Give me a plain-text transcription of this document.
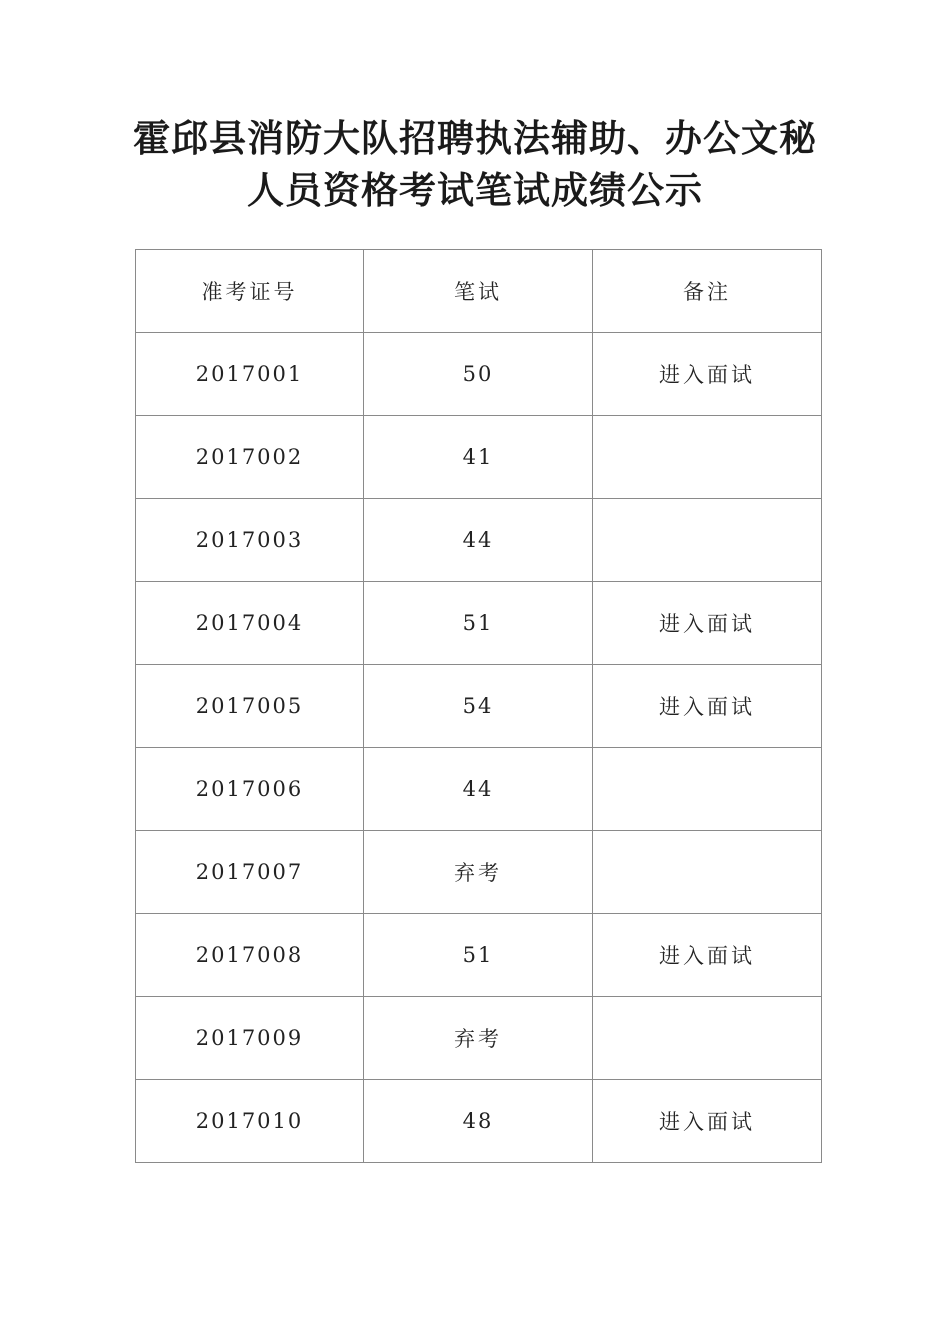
霍邱县消防大队招聘执法辅助、办公文秘
人员资格考试笔试成绩公示
准考证号	笔试	备注
2017001	50	进入面试
2017002	41	
2017003	44	
2017004	51	进入面试
2017005	54	进入面试
2017006	44	
2017007	弃考	
2017008	51	进入面试
2017009	弃考	
2017010	48	进入面试
